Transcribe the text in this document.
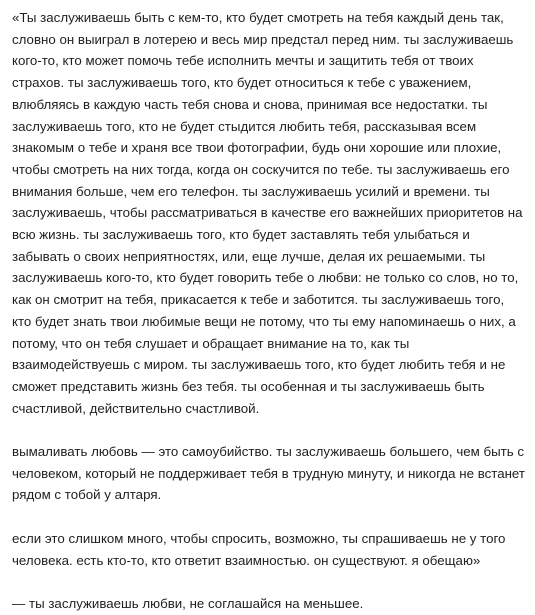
«Ты заслуживаешь быть с кем-то, кто будет смотреть на тебя каждый день так, словно он выиграл в лотерею и весь мир предстал перед ним. ты заслуживаешь кого-то, кто может помочь тебе исполнить мечты и защитить тебя от твоих страхов. ты заслуживаешь того, кто будет относиться к тебе с уважением, влюбляясь в каждую часть тебя снова и снова, принимая все недостатки. ты заслуживаешь того, кто не будет стыдится любить тебя, рассказывая всем знакомым о тебе и храня все твои фотографии, будь они хорошие или плохие, чтобы смотреть на них тогда, когда он соскучится по тебе. ты заслуживаешь его внимания больше, чем его телефон. ты заслуживаешь усилий и времени. ты заслуживаешь, чтобы рассматриваться в качестве его важнейших приоритетов на всю жизнь. ты заслуживаешь того, кто будет заставлять тебя улыбаться и забывать о своих неприятностях, или, еще лучше, делая их решаемыми. ты заслуживаешь кого-то, кто будет говорить тебе о любви: не только со слов, но то, как он смотрит на тебя, прикасается к тебе и заботится. ты заслуживаешь того, кто будет знать твои любимые вещи не потому, что ты ему напоминаешь о них, а потому, что он тебя слушает и обращает внимание на то, как ты взаимодействуешь с миром. ты заслуживаешь того, кто будет любить тебя и не сможет представить жизнь без тебя. ты особенная и ты заслуживаешь быть счастливой, действительно счастливой.

вымаливать любовь — это самоубийство. ты заслуживаешь большего, чем быть с человеком, который не поддерживает тебя в трудную минуту, и никогда не встанет рядом с тобой у алтаря.

если это слишком много, чтобы спросить, возможно, ты спрашиваешь не у того человека. есть кто-то, кто ответит взаимностью. он существуют. я обещаю»

— ты заслуживаешь любви, не соглашайся на меньшее.
